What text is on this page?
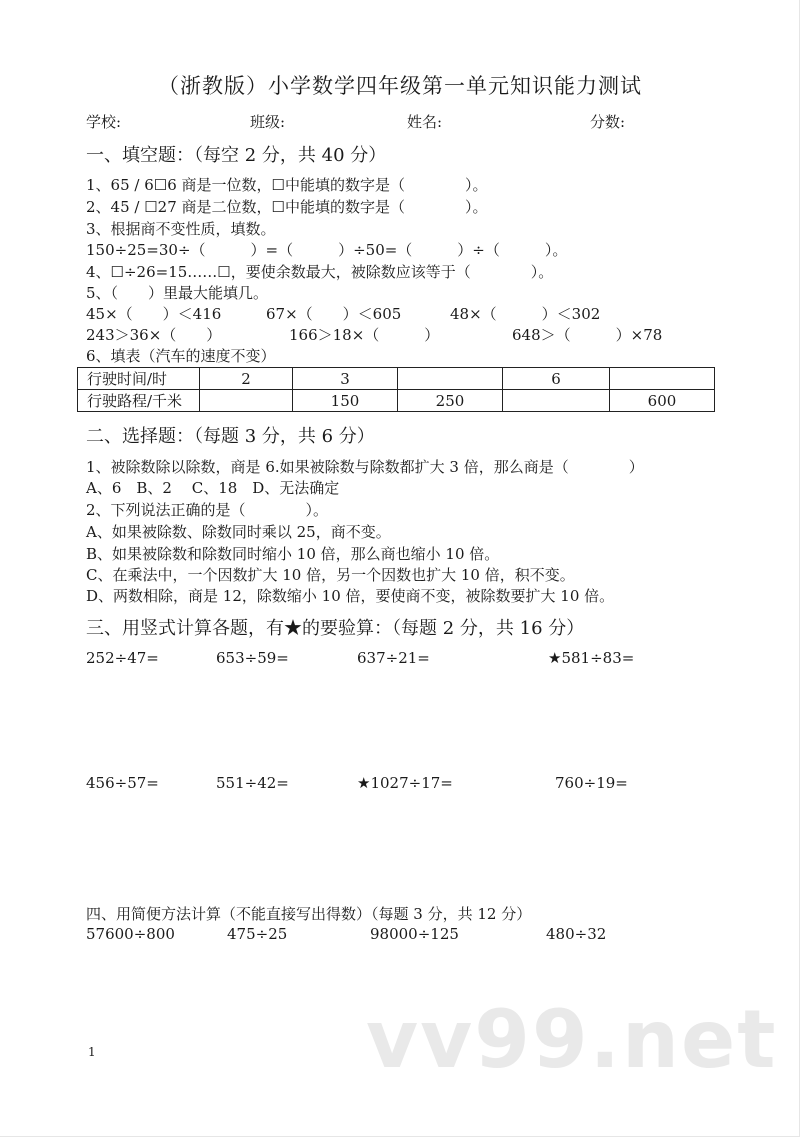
（浙教版）小学数学四年级第一单元知识能力测试
学校:	班级:	姓名:	分数:
一、填空题：（每空 2 分，共 40 分）
1、65 / 6☐6 商是一位数，☐中能填的数字是（　　　　）。
2、45 / ☐27 商是二位数，☐中能填的数字是（　　　　）。
3、根据商不变性质，填数。
150÷25=30÷（　　　）=（　　　）÷50=（　　　）÷（　　　）。
4、☐÷26=15……☐，要使余数最大，被除数应该等于（　　　　）。
5、（　　）里最大能填几。
45×（　　）＜416	67×（　　）＜605	48×（　　　）＜302
243＞36×（　　）	166＞18×（　　　）	648＞（　　　）×78
6、填表（汽车的速度不变）
行驶时间/时	2	3		6	
行驶路程/千米		150	250		600
二、选择题：（每题 3 分，共 6 分）
1、被除数除以除数，商是 6.如果被除数与除数都扩大 3 倍，那么商是（　　　　）
A、6　B、2　 C、18　D、无法确定
2、下列说法正确的是（　　　　）。
A、如果被除数、除数同时乘以 25，商不变。
B、如果被除数和除数同时缩小 10 倍，那么商也缩小 10 倍。
C、在乘法中，一个因数扩大 10 倍，另一个因数也扩大 10 倍，积不变。
D、两数相除，商是 12，除数缩小 10 倍，要使商不变，被除数要扩大 10 倍。
三、用竖式计算各题，有★的要验算：（每题 2 分，共 16 分）
252÷47=	653÷59=	637÷21=	★581÷83=
456÷57=	551÷42=	★1027÷17=	760÷19=
四、用简便方法计算（不能直接写出得数）（每题 3 分，共 12 分）
57600÷800	475÷25	98000÷125	480÷32
vv99.net
1
